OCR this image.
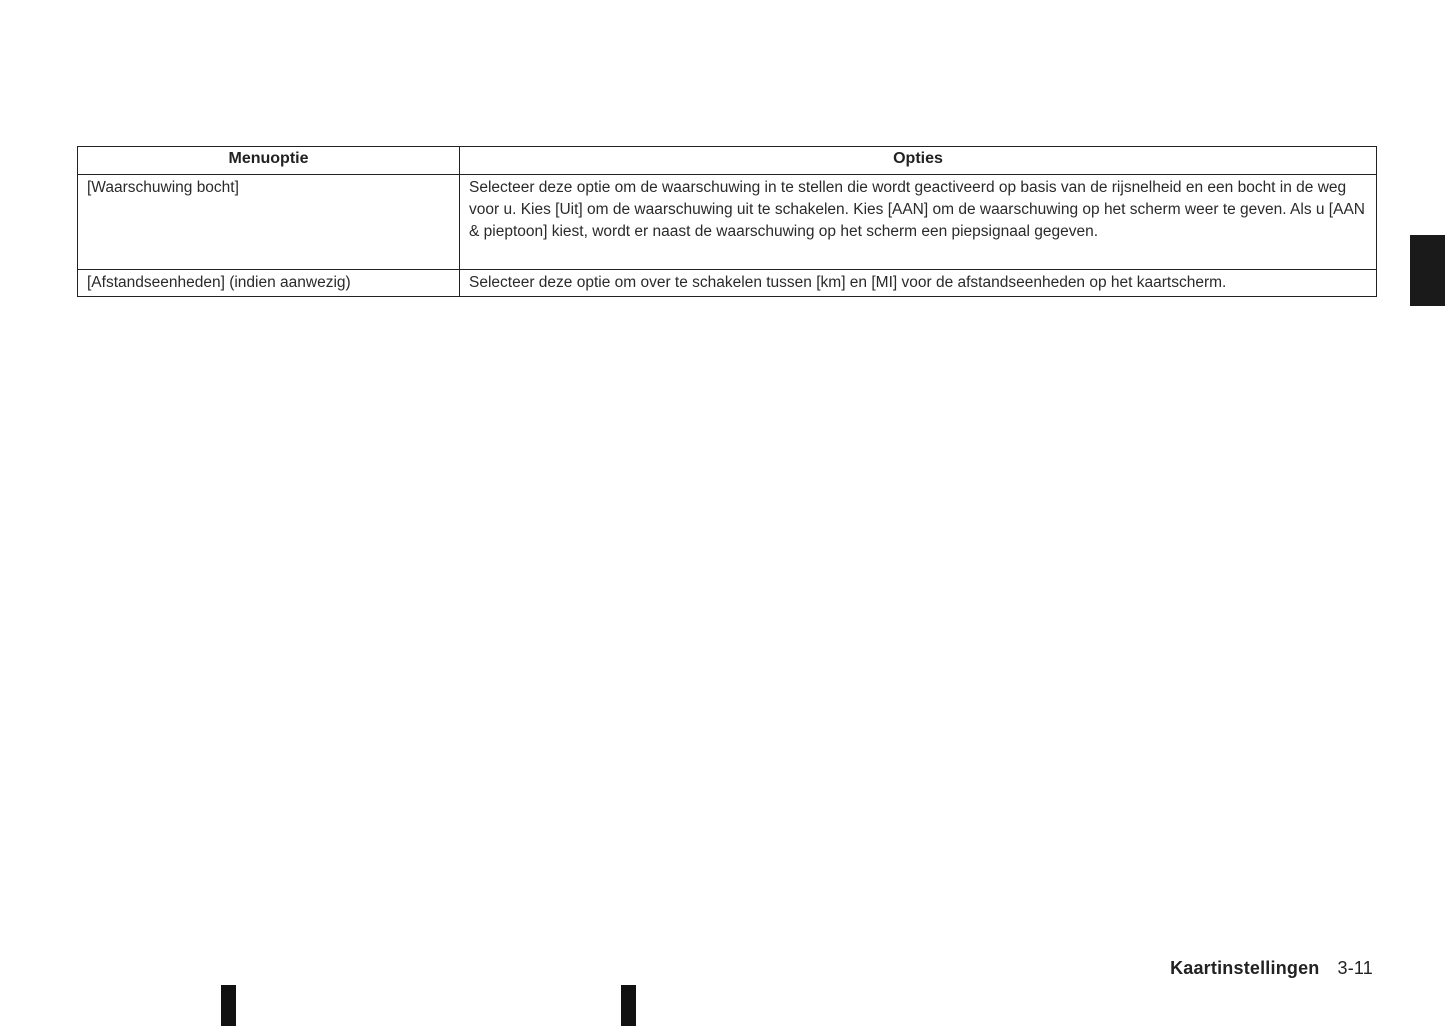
Menuoptie	Opties
[Waarschuwing bocht]	Selecteer deze optie om de waarschuwing in te stellen die wordt geactiveerd op basis van de rijsnelheid en een bocht in de weg voor u. Kies [Uit] om de waarschuwing uit te schakelen. Kies [AAN] om de waarschuwing op het scherm weer te geven. Als u [AAN & pieptoon] kiest, wordt er naast de waarschuwing op het scherm een piepsignaal gegeven.
[Afstandseenheden] (indien aanwezig)	Selecteer deze optie om over te schakelen tussen [km] en [MI] voor de afstandseenheden op het kaartscherm.
Kaartinstellingen 3-11
